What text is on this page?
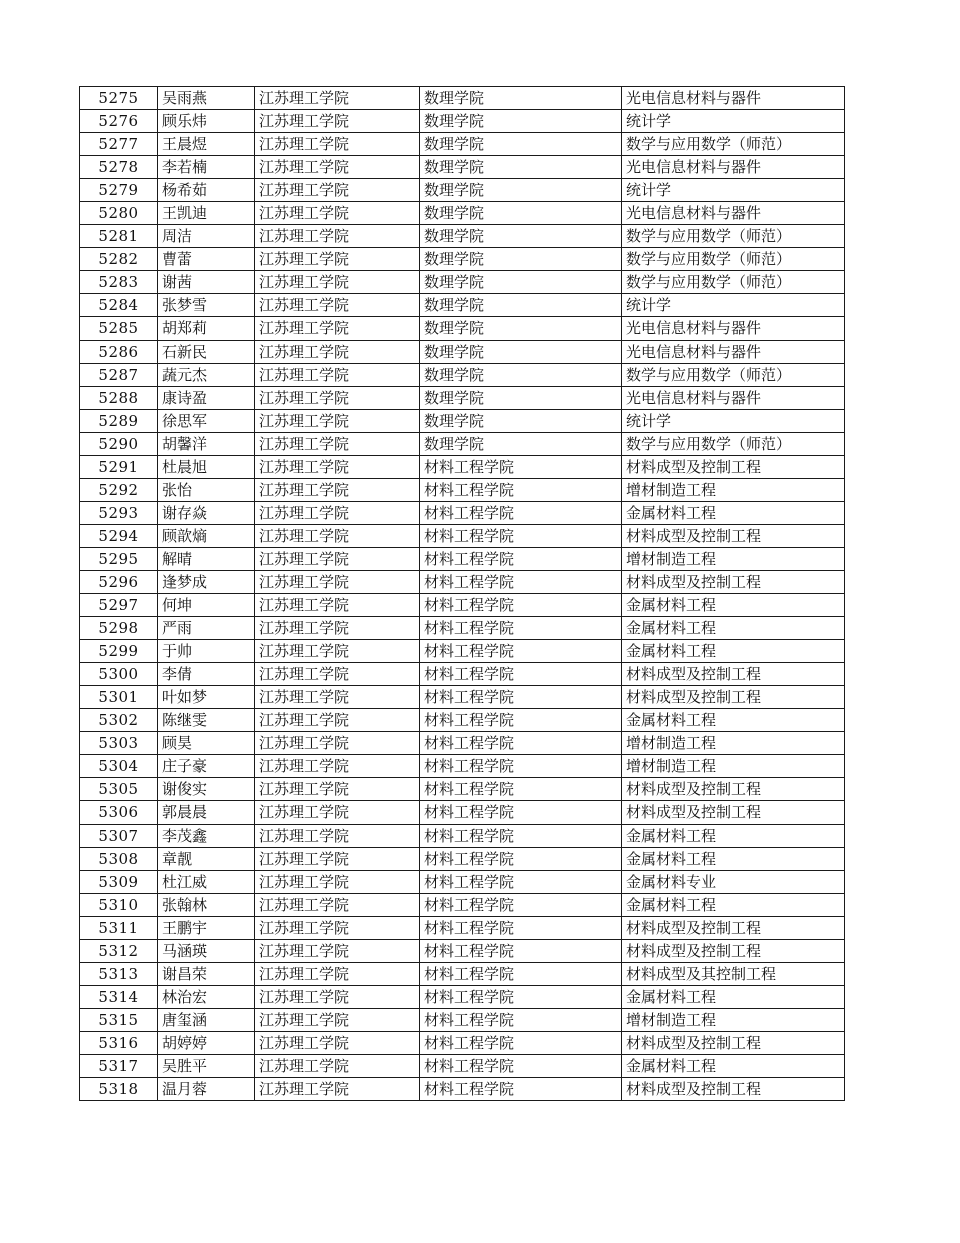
5275	吴雨燕	江苏理工学院	数理学院	光电信息材料与器件
5276	顾乐炜	江苏理工学院	数理学院	统计学
5277	王晨煜	江苏理工学院	数理学院	数学与应用数学（师范）
5278	李若楠	江苏理工学院	数理学院	光电信息材料与器件
5279	杨希茹	江苏理工学院	数理学院	统计学
5280	王凯迪	江苏理工学院	数理学院	光电信息材料与器件
5281	周洁	江苏理工学院	数理学院	数学与应用数学（师范）
5282	曹蕾	江苏理工学院	数理学院	数学与应用数学（师范）
5283	谢茜	江苏理工学院	数理学院	数学与应用数学（师范）
5284	张梦雪	江苏理工学院	数理学院	统计学
5285	胡郑莉	江苏理工学院	数理学院	光电信息材料与器件
5286	石新民	江苏理工学院	数理学院	光电信息材料与器件
5287	蔬元杰	江苏理工学院	数理学院	数学与应用数学（师范）
5288	康诗盈	江苏理工学院	数理学院	光电信息材料与器件
5289	徐思军	江苏理工学院	数理学院	统计学
5290	胡馨洋	江苏理工学院	数理学院	数学与应用数学（师范）
5291	杜晨旭	江苏理工学院	材料工程学院	材料成型及控制工程
5292	张怡	江苏理工学院	材料工程学院	增材制造工程
5293	谢存焱	江苏理工学院	材料工程学院	金属材料工程
5294	顾歆熵	江苏理工学院	材料工程学院	材料成型及控制工程
5295	解晴	江苏理工学院	材料工程学院	增材制造工程
5296	逢梦成	江苏理工学院	材料工程学院	材料成型及控制工程
5297	何坤	江苏理工学院	材料工程学院	金属材料工程
5298	严雨	江苏理工学院	材料工程学院	金属材料工程
5299	于帅	江苏理工学院	材料工程学院	金属材料工程
5300	李倩	江苏理工学院	材料工程学院	材料成型及控制工程
5301	叶如梦	江苏理工学院	材料工程学院	材料成型及控制工程
5302	陈继雯	江苏理工学院	材料工程学院	金属材料工程
5303	顾昊	江苏理工学院	材料工程学院	增材制造工程
5304	庄子豪	江苏理工学院	材料工程学院	增材制造工程
5305	谢俊实	江苏理工学院	材料工程学院	材料成型及控制工程
5306	郭晨晨	江苏理工学院	材料工程学院	材料成型及控制工程
5307	李茂鑫	江苏理工学院	材料工程学院	金属材料工程
5308	章靓	江苏理工学院	材料工程学院	金属材料工程
5309	杜江威	江苏理工学院	材料工程学院	金属材料专业
5310	张翰林	江苏理工学院	材料工程学院	金属材料工程
5311	王鹏宇	江苏理工学院	材料工程学院	材料成型及控制工程
5312	马涵瑛	江苏理工学院	材料工程学院	材料成型及控制工程
5313	谢昌荣	江苏理工学院	材料工程学院	材料成型及其控制工程
5314	林治宏	江苏理工学院	材料工程学院	金属材料工程
5315	唐玺涵	江苏理工学院	材料工程学院	增材制造工程
5316	胡婷婷	江苏理工学院	材料工程学院	材料成型及控制工程
5317	吴胜平	江苏理工学院	材料工程学院	金属材料工程
5318	温月蓉	江苏理工学院	材料工程学院	材料成型及控制工程
